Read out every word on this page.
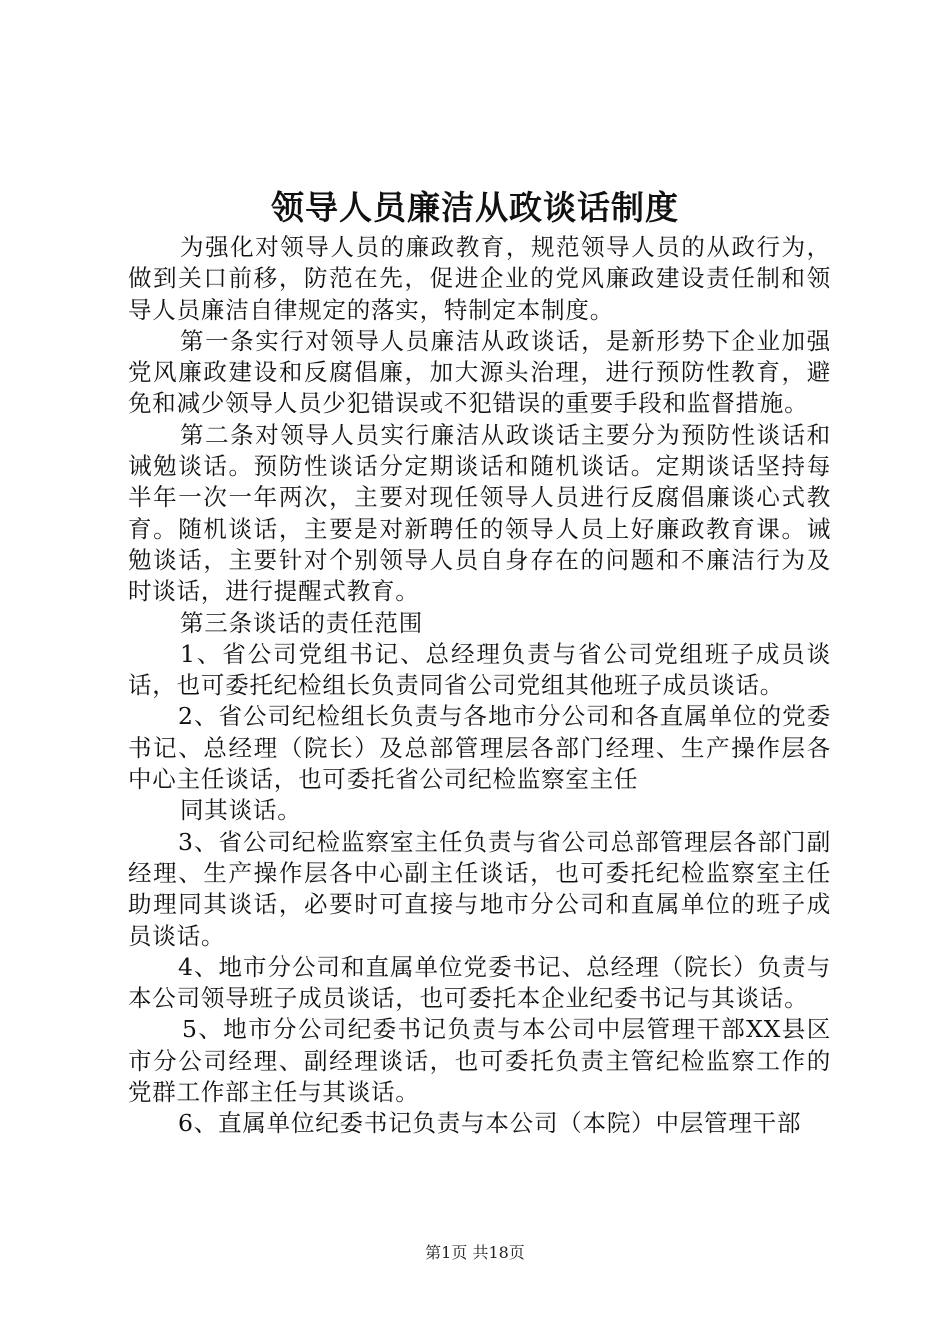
领导人员廉洁从政谈话制度

为强化对领导人员的廉政教育，规范领导人员的从政行为，做到关口前移，防范在先，促进企业的党风廉政建设责任制和领导人员廉洁自律规定的落实，特制定本制度。

第一条实行对领导人员廉洁从政谈话，是新形势下企业加强党风廉政建设和反腐倡廉，加大源头治理，进行预防性教育，避免和减少领导人员少犯错误或不犯错误的重要手段和监督措施。

第二条对领导人员实行廉洁从政谈话主要分为预防性谈话和诫勉谈话。预防性谈话分定期谈话和随机谈话。定期谈话坚持每半年一次一年两次，主要对现任领导人员进行反腐倡廉谈心式教育。随机谈话，主要是对新聘任的领导人员上好廉政教育课。诫勉谈话，主要针对个别领导人员自身存在的问题和不廉洁行为及时谈话，进行提醒式教育。

第三条谈话的责任范围

1、省公司党组书记、总经理负责与省公司党组班子成员谈话，也可委托纪检组长负责同省公司党组其他班子成员谈话。

2、省公司纪检组长负责与各地市分公司和各直属单位的党委书记、总经理（院长）及总部管理层各部门经理、生产操作层各中心主任谈话，也可委托省公司纪检监察室主任

同其谈话。

3、省公司纪检监察室主任负责与省公司总部管理层各部门副经理、生产操作层各中心副主任谈话，也可委托纪检监察室主任助理同其谈话，必要时可直接与地市分公司和直属单位的班子成员谈话。

4、地市分公司和直属单位党委书记、总经理（院长）负责与本公司领导班子成员谈话，也可委托本企业纪委书记与其谈话。

5、地市分公司纪委书记负责与本公司中层管理干部XX县区市分公司经理、副经理谈话，也可委托负责主管纪检监察工作的党群工作部主任与其谈话。

6、直属单位纪委书记负责与本公司（本院）中层管理干部

第1页 共18页
